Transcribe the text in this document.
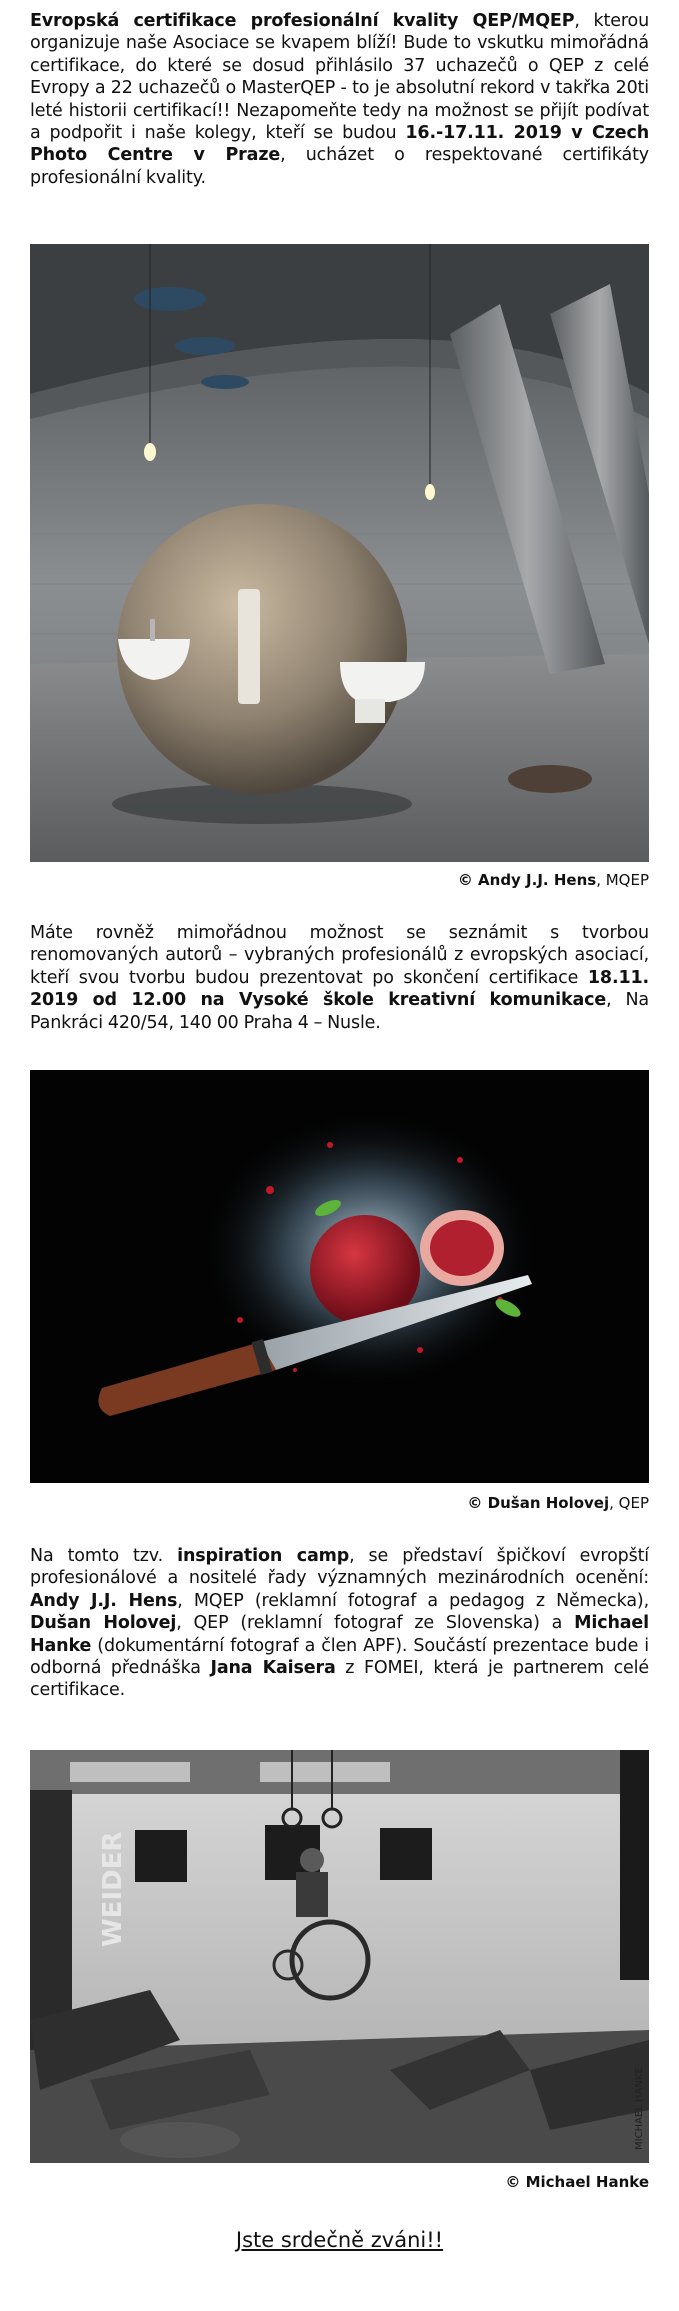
Evropská certifikace profesionální kvality QEP/MQEP, kterou organizuje naše Asociace se kvapem blíží! Bude to vskutku mimořádná certifikace, do které se dosud přihlásilo 37 uchazečů o QEP z celé Evropy a 22 uchazečů o MasterQEP - to je absolutní rekord v takřka 20ti leté historii certifikací!! Nezapomeňte tedy na možnost se přijít podívat a podpořit i naše kolegy, kteří se budou 16.-17.11. 2019 v Czech Photo Centre v Praze, ucházet o respektované certifikáty profesionální kvality.

© Andy J.J. Hens, MQEP

Máte rovněž mimořádnou možnost se seznámit s tvorbou renomovaných autorů – vybraných profesionálů z evropských asociací, kteří svou tvorbu budou prezentovat po skončení certifikace 18.11. 2019 od 12.00 na Vysoké škole kreativní komunikace, Na Pankráci 420/54, 140 00 Praha 4 – Nusle.

© Dušan Holovej, QEP

Na tomto tzv. inspiration camp, se představí špičkoví evropští profesionálové a nositelé řady významných mezinárodních ocenění: Andy J.J. Hens, MQEP (reklamní fotograf a pedagog z Německa), Dušan Holovej, QEP (reklamní fotograf ze Slovenska) a Michael Hanke (dokumentární fotograf a člen APF). Součástí prezentace bude i odborná přednáška Jana Kaisera z FOMEI, která je partnerem celé certifikace.

WEIDER
MICHAEL HANKE
© Michael Hanke
Jste srdečně zváni!!
